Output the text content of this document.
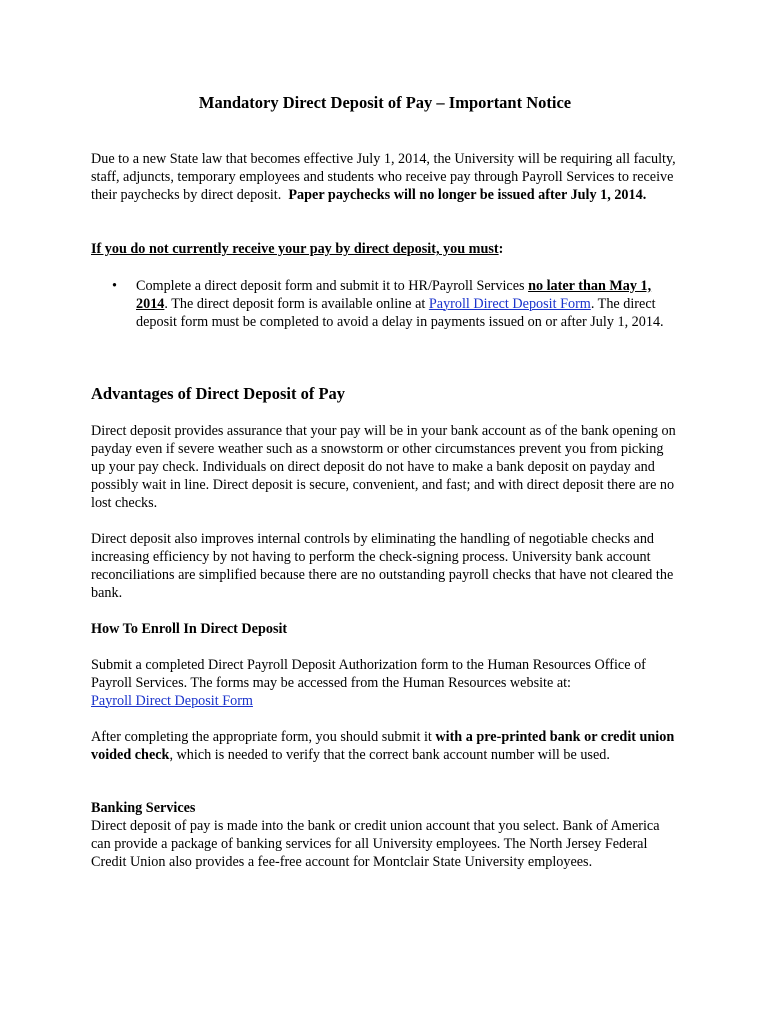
Mandatory Direct Deposit of Pay – Important Notice

Due to a new State law that becomes effective July 1, 2014, the University will be requiring all faculty, staff, adjuncts, temporary employees and students who receive pay through Payroll Services to receive their paychecks by direct deposit. Paper paychecks will no longer be issued after July 1, 2014.

If you do not currently receive your pay by direct deposit, you must:

• Complete a direct deposit form and submit it to HR/Payroll Services no later than May 1, 2014. The direct deposit form is available online at Payroll Direct Deposit Form. The direct deposit form must be completed to avoid a delay in payments issued on or after July 1, 2014.

Advantages of Direct Deposit of Pay

Direct deposit provides assurance that your pay will be in your bank account as of the bank opening on payday even if severe weather such as a snowstorm or other circumstances prevent you from picking up your pay check. Individuals on direct deposit do not have to make a bank deposit on payday and possibly wait in line. Direct deposit is secure, convenient, and fast; and with direct deposit there are no lost checks.

Direct deposit also improves internal controls by eliminating the handling of negotiable checks and increasing efficiency by not having to perform the check-signing process. University bank account reconciliations are simplified because there are no outstanding payroll checks that have not cleared the bank.

How To Enroll In Direct Deposit

Submit a completed Direct Payroll Deposit Authorization form to the Human Resources Office of Payroll Services. The forms may be accessed from the Human Resources website at:
Payroll Direct Deposit Form

After completing the appropriate form, you should submit it with a pre-printed bank or credit union voided check, which is needed to verify that the correct bank account number will be used.

Banking Services
Direct deposit of pay is made into the bank or credit union account that you select. Bank of America can provide a package of banking services for all University employees. The North Jersey Federal Credit Union also provides a fee-free account for Montclair State University employees.
